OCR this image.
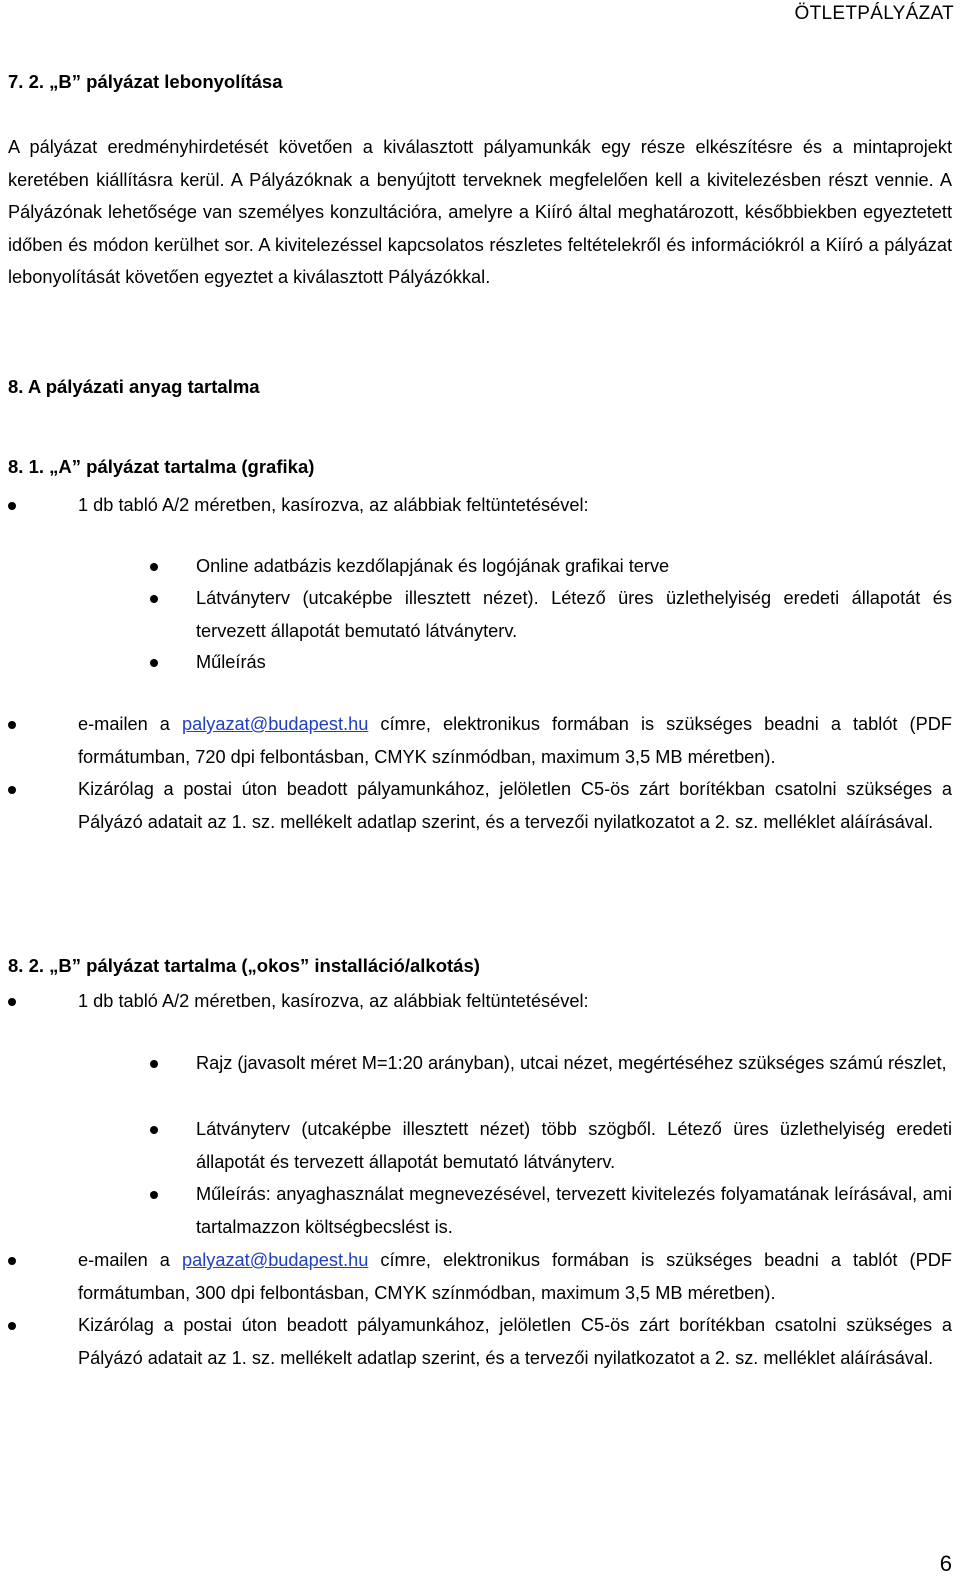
ÖTLETPÁLYÁZAT
7. 2. „B” pályázat lebonyolítása
A pályázat eredményhirdetését követően a kiválasztott pályamunkák egy része elkészítésre és a mintaprojekt keretében kiállításra kerül. A Pályázóknak a benyújtott terveknek megfelelően kell a kivitelezésben részt vennie. A Pályázónak lehetősége van személyes konzultációra, amelyre a Kiíró által meghatározott, későbbiekben egyeztetett időben és módon kerülhet sor. A kivitelezéssel kapcsolatos részletes feltételekről és információkról a Kiíró a pályázat lebonyolítását követően egyeztet a kiválasztott Pályázókkal.
8. A pályázati anyag tartalma
8. 1. „A” pályázat tartalma (grafika)
1 db tabló A/2 méretben, kasírozva, az alábbiak feltüntetésével:
Online adatbázis kezdőlapjának és logójának grafikai terve
Látványterv (utcaképbe illesztett nézet). Létező üres üzlethelyiség eredeti állapotát és tervezett állapotát bemutató látványterv.
Műleírás
e-mailen a palyazat@budapest.hu címre, elektronikus formában is szükséges beadni a tablót (PDF formátumban, 720 dpi felbontásban, CMYK színmódban, maximum 3,5 MB méretben).
Kizárólag a postai úton beadott pályamunkához, jelöletlen C5-ös zárt borítékban csatolni szükséges a Pályázó adatait az 1. sz. mellékelt adatlap szerint, és a tervezői nyilatkozatot a 2. sz. melléklet aláírásával.
8. 2. „B” pályázat tartalma („okos” installáció/alkotás)
1 db tabló A/2 méretben, kasírozva, az alábbiak feltüntetésével:
Rajz (javasolt méret M=1:20 arányban), utcai nézet, megértéséhez szükséges számú részlet,
Látványterv (utcaképbe illesztett nézet) több szögből. Létező üres üzlethelyiség eredeti állapotát és tervezett állapotát bemutató látványterv.
Műleírás: anyaghasználat megnevezésével, tervezett kivitelezés folyamatának leírásával, ami tartalmazzon költségbecslést is.
e-mailen a palyazat@budapest.hu címre, elektronikus formában is szükséges beadni a tablót (PDF formátumban, 300 dpi felbontásban, CMYK színmódban, maximum 3,5 MB méretben).
Kizárólag a postai úton beadott pályamunkához, jelöletlen C5-ös zárt borítékban csatolni szükséges a Pályázó adatait az 1. sz. mellékelt adatlap szerint, és a tervezői nyilatkozatot a 2. sz. melléklet aláírásával.
6
